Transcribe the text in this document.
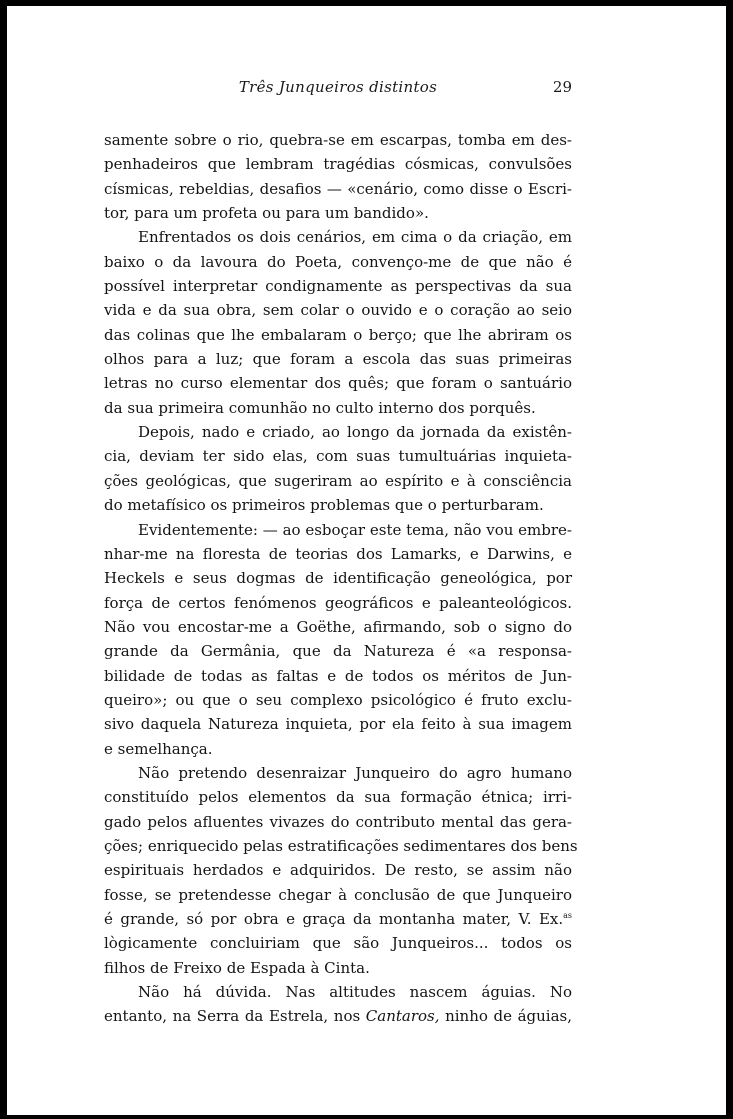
Três Junqueiros distintos	29
samente sobre o rio, quebra-se em escarpas, tomba em des-
penhadeiros que lembram tragédias cósmicas, convulsões
císmicas, rebeldias, desafios — «cenário, como disse o Escri-
tor, para um profeta ou para um bandido».
Enfrentados os dois cenários, em cima o da criação, em
baixo o da lavoura do Poeta, convenço-me de que não é
possível interpretar condignamente as perspectivas da sua
vida e da sua obra, sem colar o ouvido e o coração ao seio
das colinas que lhe embalaram o berço; que lhe abriram os
olhos para a luz; que foram a escola das suas primeiras
letras no curso elementar dos quês; que foram o santuário
da sua primeira comunhão no culto interno dos porquês.
Depois, nado e criado, ao longo da jornada da existên-
cia, deviam ter sido elas, com suas tumultuárias inquieta-
ções geológicas, que sugeriram ao espírito e à consciência
do metafísico os primeiros problemas que o perturbaram.
Evidentemente: — ao esboçar este tema, não vou embre-
nhar-me na floresta de teorias dos Lamarks, e Darwins, e
Heckels e seus dogmas de identificação geneológica, por
força de certos fenómenos geográficos e paleanteológicos.
Não vou encostar-me a Goëthe, afirmando, sob o signo do
grande da Germânia, que da Natureza é «a responsa-
bilidade de todas as faltas e de todos os méritos de Jun-
queiro»; ou que o seu complexo psicológico é fruto exclu-
sivo daquela Natureza inquieta, por ela feito à sua imagem
e semelhança.
Não pretendo desenraizar Junqueiro do agro humano
constituído pelos elementos da sua formação étnica; irri-
gado pelos afluentes vivazes do contributo mental das gera-
ções; enriquecido pelas estratificações sedimentares dos bens
espirituais herdados e adquiridos. De resto, se assim não
fosse, se pretendesse chegar à conclusão de que Junqueiro
é grande, só por obra e graça da montanha mater, V. Ex.$^{as}$
lògicamente concluiriam que são Junqueiros... todos os
filhos de Freixo de Espada à Cinta.
Não há dúvida. Nas altitudes nascem águias. No
entanto, na Serra da Estrela, nos Cantaros, ninho de águias,
